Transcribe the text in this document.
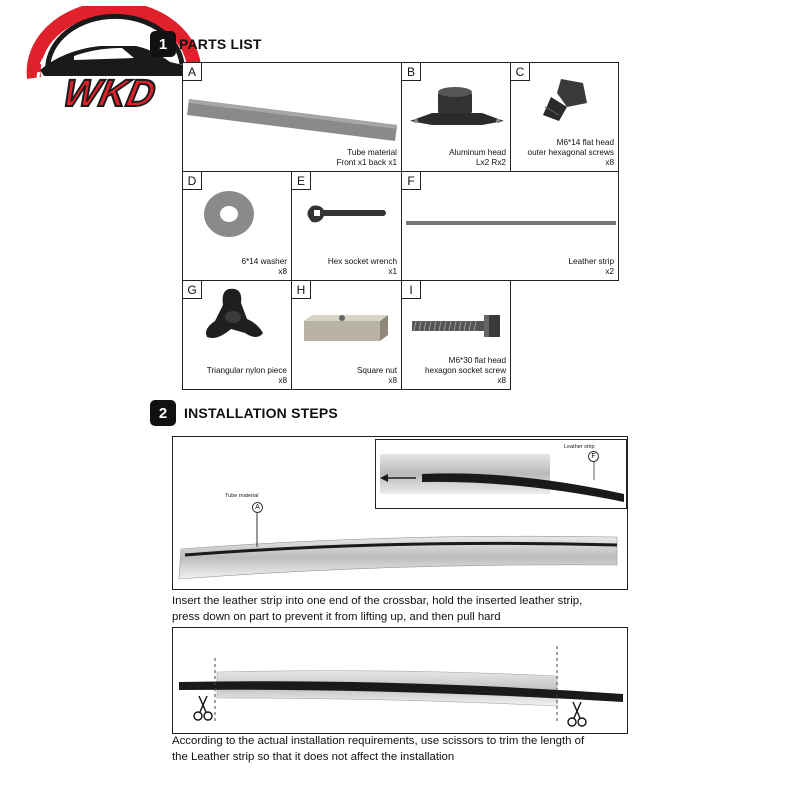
WKD
1 PARTS LIST
A
Tube material
Front x1 back x1
B
Aluminum head
Lx2 Rx2
C
M6*14 flat head
outer hexagonal screws
x8
D
6*14 washer
x8
E
Hex socket wrench
x1
F
Leather strip
x2
G
Triangular nylon piece
x8
H
Square nut
x8
I
M6*30 flat head
hexagon socket screw
x8
2	INSTALLATION STEPS
Tube material
A
Leather strip
F
Insert the leather strip into one end of the crossbar, hold the inserted leather strip,
press down on part to prevent it from lifting up, and then pull hard
According to the actual installation requirements, use scissors to trim the length of
the Leather strip so that it does not affect the installation
